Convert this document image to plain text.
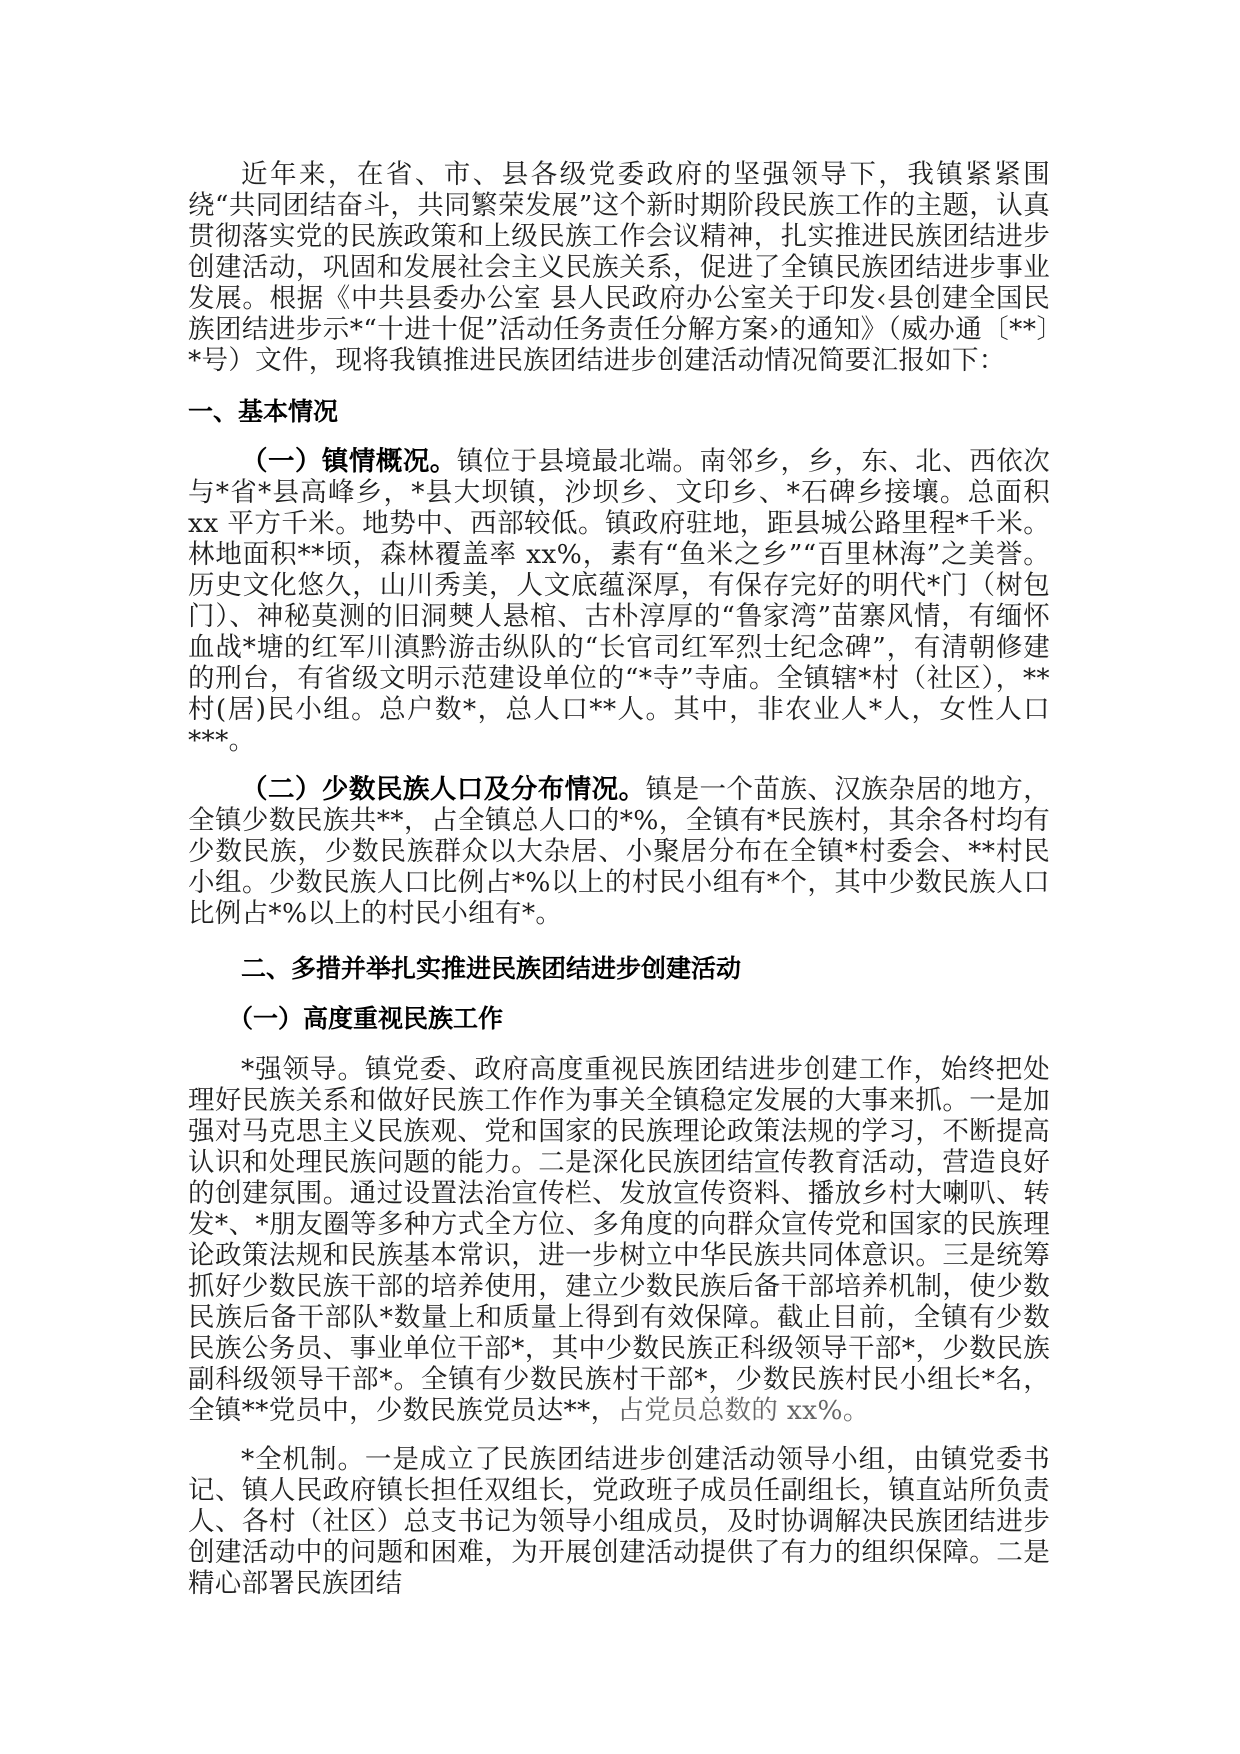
近年来，在省、市、县各级党委政府的坚强领导下，我镇紧紧围绕“共同团结奋斗，共同繁荣发展”这个新时期阶段民族工作的主题，认真贯彻落实党的民族政策和上级民族工作会议精神，扎实推进民族团结进步创建活动，巩固和发展社会主义民族关系，促进了全镇民族团结进步事业发展。根据《中共县委办公室 县人民政府办公室关于印发‹县创建全国民族团结进步示*“十进十促”活动任务责任分解方案›的通知》（威办通〔**〕*号）文件，现将我镇推进民族团结进步创建活动情况简要汇报如下：

一、基本情况

（一）镇情概况。镇位于县境最北端。南邻乡，乡，东、北、西依次与*省*县高峰乡，*县大坝镇，沙坝乡、文印乡、*石碑乡接壤。总面积 xx 平方千米。地势中、西部较低。镇政府驻地，距县城公路里程*千米。林地面积**顷，森林覆盖率 xx%，素有“鱼米之乡”“百里林海”之美誉。历史文化悠久，山川秀美，人文底蕴深厚，有保存完好的明代*门（树包门）、神秘莫测的旧洞僰人悬棺、古朴淳厚的“鲁家湾”苗寨风情，有缅怀血战*塘的红军川滇黔游击纵队的“长官司红军烈士纪念碑”，有清朝修建的刑台，有省级文明示范建设单位的“*寺”寺庙。全镇辖*村（社区），**村(居)民小组。总户数*，总人口**人。其中，非农业人*人，女性人口***。

（二）少数民族人口及分布情况。镇是一个苗族、汉族杂居的地方，全镇少数民族共**，占全镇总人口的*%，全镇有*民族村，其余各村均有少数民族，少数民族群众以大杂居、小聚居分布在全镇*村委会、**村民小组。少数民族人口比例占*%以上的村民小组有*个，其中少数民族人口比例占*%以上的村民小组有*。

二、多措并举扎实推进民族团结进步创建活动
（一）高度重视民族工作

*强领导。镇党委、政府高度重视民族团结进步创建工作，始终把处理好民族关系和做好民族工作作为事关全镇稳定发展的大事来抓。一是加强对马克思主义民族观、党和国家的民族理论政策法规的学习，不断提高认识和处理民族问题的能力。二是深化民族团结宣传教育活动，营造良好的创建氛围。通过设置法治宣传栏、发放宣传资料、播放乡村大喇叭、转发*、*朋友圈等多种方式全方位、多角度的向群众宣传党和国家的民族理论政策法规和民族基本常识，进一步树立中华民族共同体意识。三是统筹抓好少数民族干部的培养使用，建立少数民族后备干部培养机制，使少数民族后备干部队*数量上和质量上得到有效保障。截止目前，全镇有少数民族公务员、事业单位干部*，其中少数民族正科级领导干部*，少数民族副科级领导干部*。全镇有少数民族村干部*，少数民族村民小组长*名，全镇**党员中，少数民族党员达**，占党员总数的 xx%。

*全机制。一是成立了民族团结进步创建活动领导小组，由镇党委书记、镇人民政府镇长担任双组长，党政班子成员任副组长，镇直站所负责人、各村（社区）总支书记为领导小组成员，及时协调解决民族团结进步创建活动中的问题和困难，为开展创建活动提供了有力的组织保障。二是精心部署民族团结
